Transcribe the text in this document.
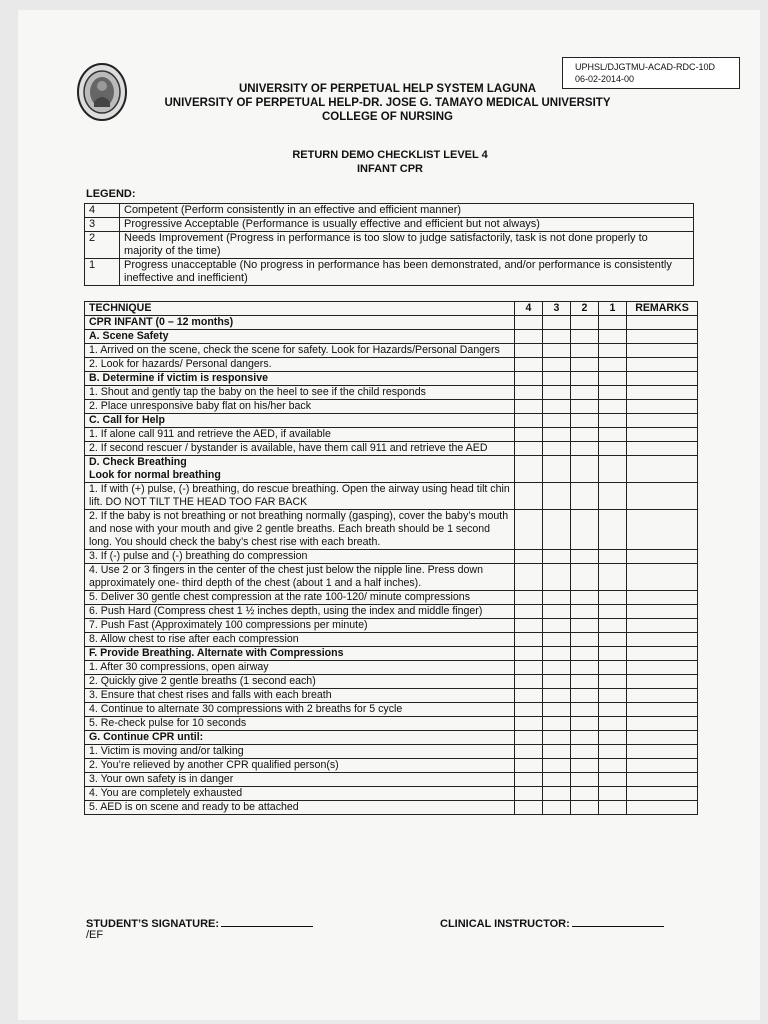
UPHSL/DJGTMU-ACAD-RDC-10D
06-02-2014-00
UNIVERSITY OF PERPETUAL HELP SYSTEM LAGUNA
UNIVERSITY OF PERPETUAL HELP-DR. JOSE G. TAMAYO MEDICAL UNIVERSITY
COLLEGE OF NURSING
RETURN DEMO CHECKLIST LEVEL 4
INFANT CPR
LEGEND:
4	Competent (Perform consistently in an effective and efficient manner)
3	Progressive Acceptable (Performance is usually effective and efficient but not always)
2	Needs Improvement (Progress in performance is too slow to judge satisfactorily, task is not done properly to majority of the time)
1	Progress unacceptable (No progress in performance has been demonstrated, and/or performance is consistently ineffective and inefficient)
TECHNIQUE	4	3	2	1	REMARKS
CPR INFANT (0 – 12 months)					
A. Scene Safety					
1. Arrived on the scene, check the scene for safety. Look for Hazards/Personal Dangers					
2. Look for hazards/ Personal dangers.					
B. Determine if victim is responsive					
1. Shout and gently tap the baby on the heel to see if the child responds					
2. Place unresponsive baby flat on his/her back					
C. Call for Help					
1. If alone call 911 and retrieve the AED, if available					
2. If second rescuer / bystander is available, have them call 911 and retrieve the AED					
D. Check Breathing
Look for normal breathing					
1. If with (+) pulse, (-) breathing, do rescue breathing. Open the airway using head tilt chin lift. DO NOT TILT THE HEAD TOO FAR BACK					
2. If the baby is not breathing or not breathing normally (gasping), cover the baby’s mouth and nose with your mouth and give 2 gentle breaths. Each breath should be 1 second long. You should check the baby’s chest rise with each breath.					
3. If (-) pulse and (-) breathing do compression					
4. Use 2 or 3 fingers in the center of the chest just below the nipple line. Press down approximately one- third depth of the chest (about 1 and a half inches).					
5. Deliver 30 gentle chest compression at the rate 100-120/ minute compressions					
6. Push Hard (Compress chest 1 ½ inches depth, using the index and middle finger)					
7. Push Fast (Approximately 100 compressions per minute)					
8. Allow chest to rise after each compression					
F. Provide Breathing. Alternate with Compressions					
1. After 30 compressions, open airway					
2. Quickly give 2 gentle breaths (1 second each)					
3. Ensure that chest rises and falls with each breath					
4. Continue to alternate 30 compressions with 2 breaths for 5 cycle					
5. Re-check pulse for 10 seconds					
G. Continue CPR until:					
1. Victim is moving and/or talking					
2. You’re relieved by another CPR qualified person(s)					
3. Your own safety is in danger					
4. You are completely exhausted					
5. AED is on scene and ready to be attached					
STUDENT’S SIGNATURE:	CLINICAL INSTRUCTOR:
/EF
